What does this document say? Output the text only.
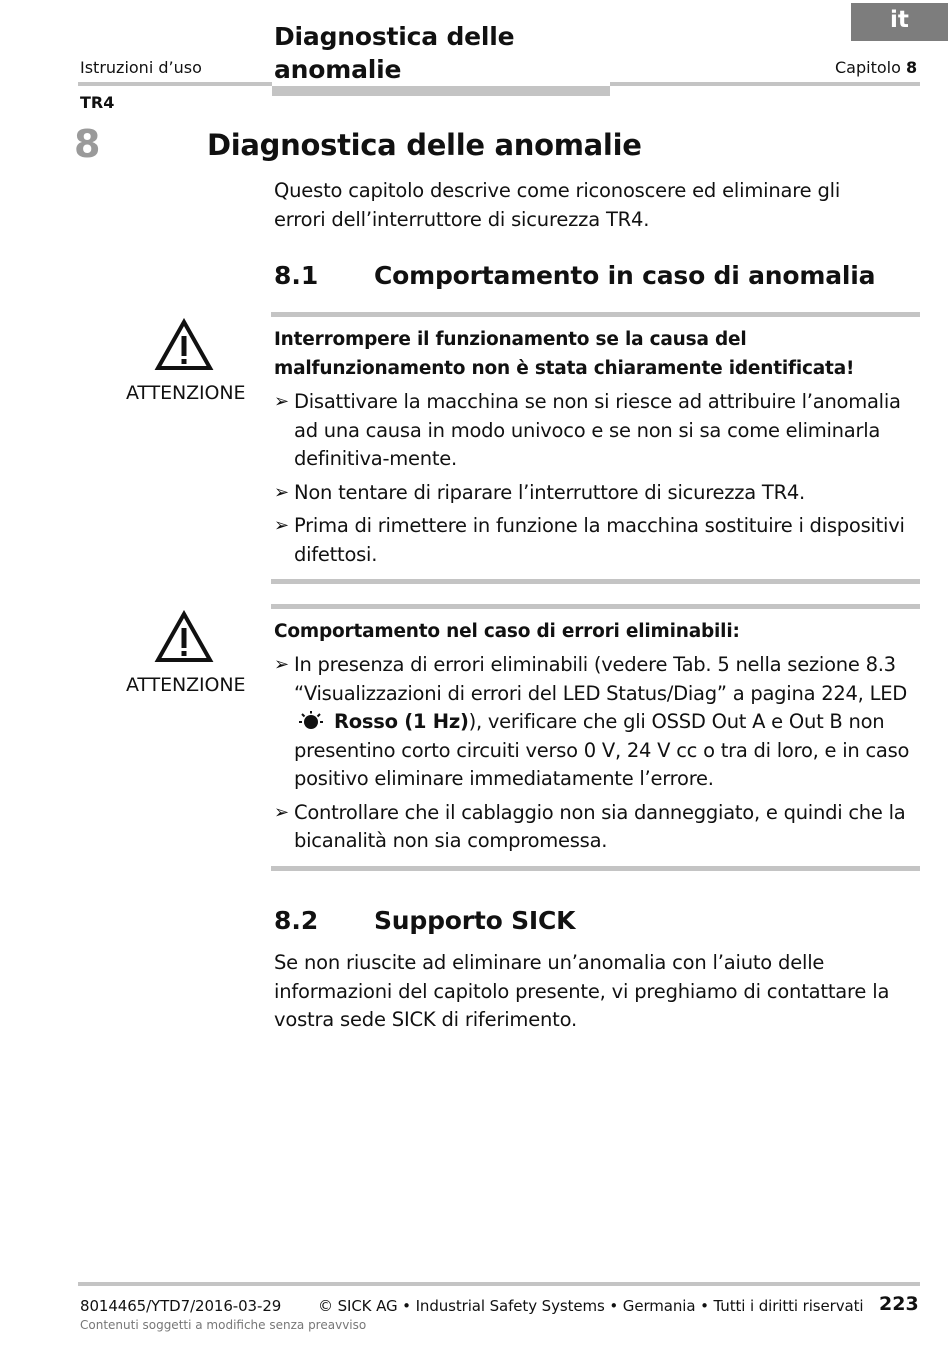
it
Istruzioni d’uso
Diagnostica delle anomalie	Capitolo 8
TR4
8	Diagnostica delle anomalie
Questo capitolo descrive come riconoscere ed eliminare gli errori dell’interruttore di sicurezza TR4.
8.1 Comportamento in caso di anomalia
ATTENZIONE
Interrompere il funzionamento se la causa del malfunzionamento non è stata chiaramente identificata!
➢ Disattivare la macchina se non si riesce ad attribuire l’anomalia ad una causa in modo univoco e se non si sa come eliminarla definitiva-mente.
➢ Non tentare di riparare l’interruttore di sicurezza TR4.
➢ Prima di rimettere in funzione la macchina sostituire i dispositivi difettosi.
ATTENZIONE
Comportamento nel caso di errori eliminabili:
➢ In presenza di errori eliminabili (vedere Tab. 5 nella sezione 8.3 “Visualizzazioni di errori del LED Status/Diag” a pagina 224, LED  Rosso (1 Hz)), verificare che gli OSSD Out A e Out B non presentino corto circuiti verso 0 V, 24 V cc o tra di loro, e in caso positivo eliminare immediatamente l’errore.
➢ Controllare che il cablaggio non sia danneggiato, e quindi che la bicanalità non sia compromessa.
8.2 Supporto SICK
Se non riuscite ad eliminare un’anomalia con l’aiuto delle informazioni del capitolo presente, vi preghiamo di contattare la vostra sede SICK di riferimento.
8014465/YTD7/2016-03-29 © SICK AG • Industrial Safety Systems • Germania • Tutti i diritti riservati 223
Contenuti soggetti a modifiche senza preavviso
